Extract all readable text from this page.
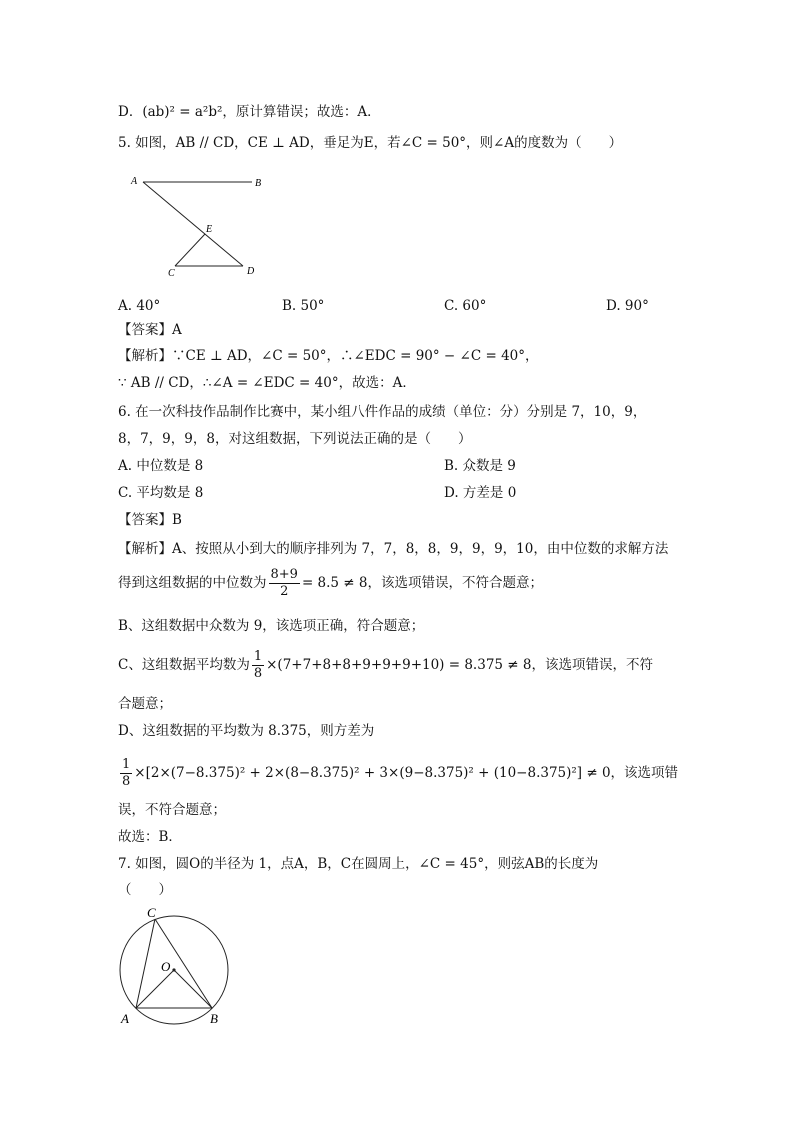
D．(ab)² = a²b²，原计算错误；故选：A．
5. 如图，AB // CD，CE ⊥ AD，垂足为E，若∠C = 50°，则∠A的度数为（　　）
A	B
E
C	D
A. 40°	B. 50°	C. 60°	D. 90°
【答案】A
【解析】∵CE ⊥ AD，∠C = 50°，∴∠EDC = 90° − ∠C = 40°，
∵ AB // CD，∴∠A = ∠EDC = 40°，故选：A．
6. 在一次科技作品制作比赛中，某小组八件作品的成绩（单位：分）分别是 7，10，9，
8，7，9，9，8，对这组数据，下列说法正确的是（　　）
A. 中位数是 8	B. 众数是 9
C. 平均数是 8	D. 方差是 0
【答案】B
【解析】A、按照从小到大的顺序排列为 7，7，8，8，9，9，9，10，由中位数的求解方法
得到这组数据的中位数为 $\frac{8+9}{2} = 8.5 \ne 8$，该选项错误，不符合题意；
B、这组数据中众数为 9，该选项正确，符合题意；
C、这组数据平均数为 $\frac{1}{8} \times(7+7+8+8+9+9+9+10) = 8.375 \ne 8$，该选项错误，不符
合题意；
D、这组数据的平均数为 8.375，则方差为
$\frac{1}{8} \times[2\times(7-8.375)^2 + 2\times(8-8.375)^2 + 3\times(9-8.375)^2 + (10-8.375)^2] \ne 0$，该选项错
误，不符合题意；
故选：B．
7. 如图，圆O的半径为 1，点A，B，C在圆周上，∠C = 45°，则弦AB的长度为
（　　）
C
O
A	B
